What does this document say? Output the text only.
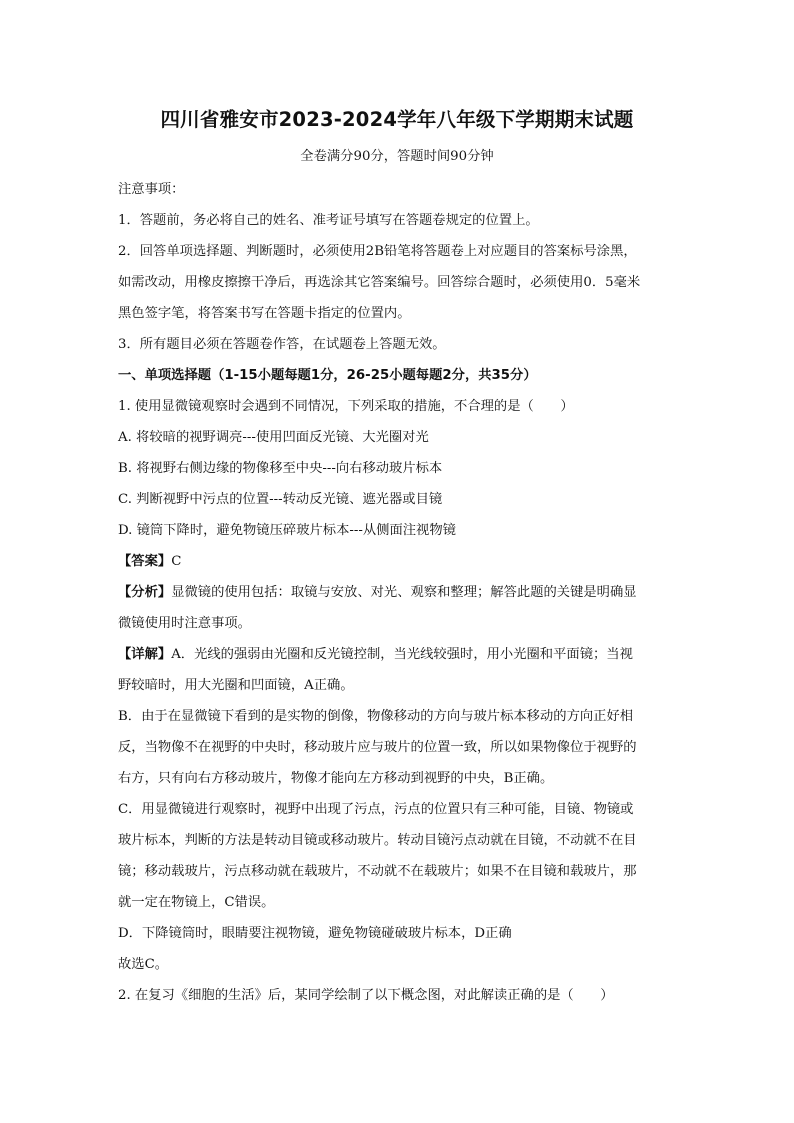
四川省雅安市2023-2024学年八年级下学期期末试题
全卷满分90分，答题时间90分钟
注意事项：
1．答题前，务必将自己的姓名、准考证号填写在答题卷规定的位置上。
2．回答单项选择题、判断题时，必须使用2B铅笔将答题卷上对应题目的答案标号涂黑，
如需改动，用橡皮擦擦干净后，再选涂其它答案编号。回答综合题时，必须使用0．5毫米
黑色签字笔，将答案书写在答题卡指定的位置内。
3．所有题目必须在答题卷作答，在试题卷上答题无效。
一、单项选择题（1-15小题每题1分，26-25小题每题2分，共35分）
1. 使用显微镜观察时会遇到不同情况，下列采取的措施，不合理的是（　　）
A. 将较暗的视野调亮---使用凹面反光镜、大光圈对光
B. 将视野右侧边缘的物像移至中央---向右移动玻片标本
C. 判断视野中污点的位置---转动反光镜、遮光器或目镜
D. 镜筒下降时，避免物镜压碎玻片标本---从侧面注视物镜
【答案】C
【分析】显微镜的使用包括：取镜与安放、对光、观察和整理；解答此题的关键是明确显
微镜使用时注意事项。
【详解】A．光线的强弱由光圈和反光镜控制，当光线较强时，用小光圈和平面镜；当视
野较暗时，用大光圈和凹面镜，A正确。
B．由于在显微镜下看到的是实物的倒像，物像移动的方向与玻片标本移动的方向正好相
反，当物像不在视野的中央时，移动玻片应与玻片的位置一致，所以如果物像位于视野的
右方，只有向右方移动玻片，物像才能向左方移动到视野的中央，B正确。
C．用显微镜进行观察时，视野中出现了污点，污点的位置只有三种可能，目镜、物镜或
玻片标本，判断的方法是转动目镜或移动玻片。转动目镜污点动就在目镜，不动就不在目
镜；移动载玻片，污点移动就在载玻片，不动就不在载玻片；如果不在目镜和载玻片，那
就一定在物镜上，C错误。
D．下降镜筒时，眼睛要注视物镜，避免物镜碰破玻片标本，D正确
故选C。
2. 在复习《细胞的生活》后，某同学绘制了以下概念图，对此解读正确的是（　　）
